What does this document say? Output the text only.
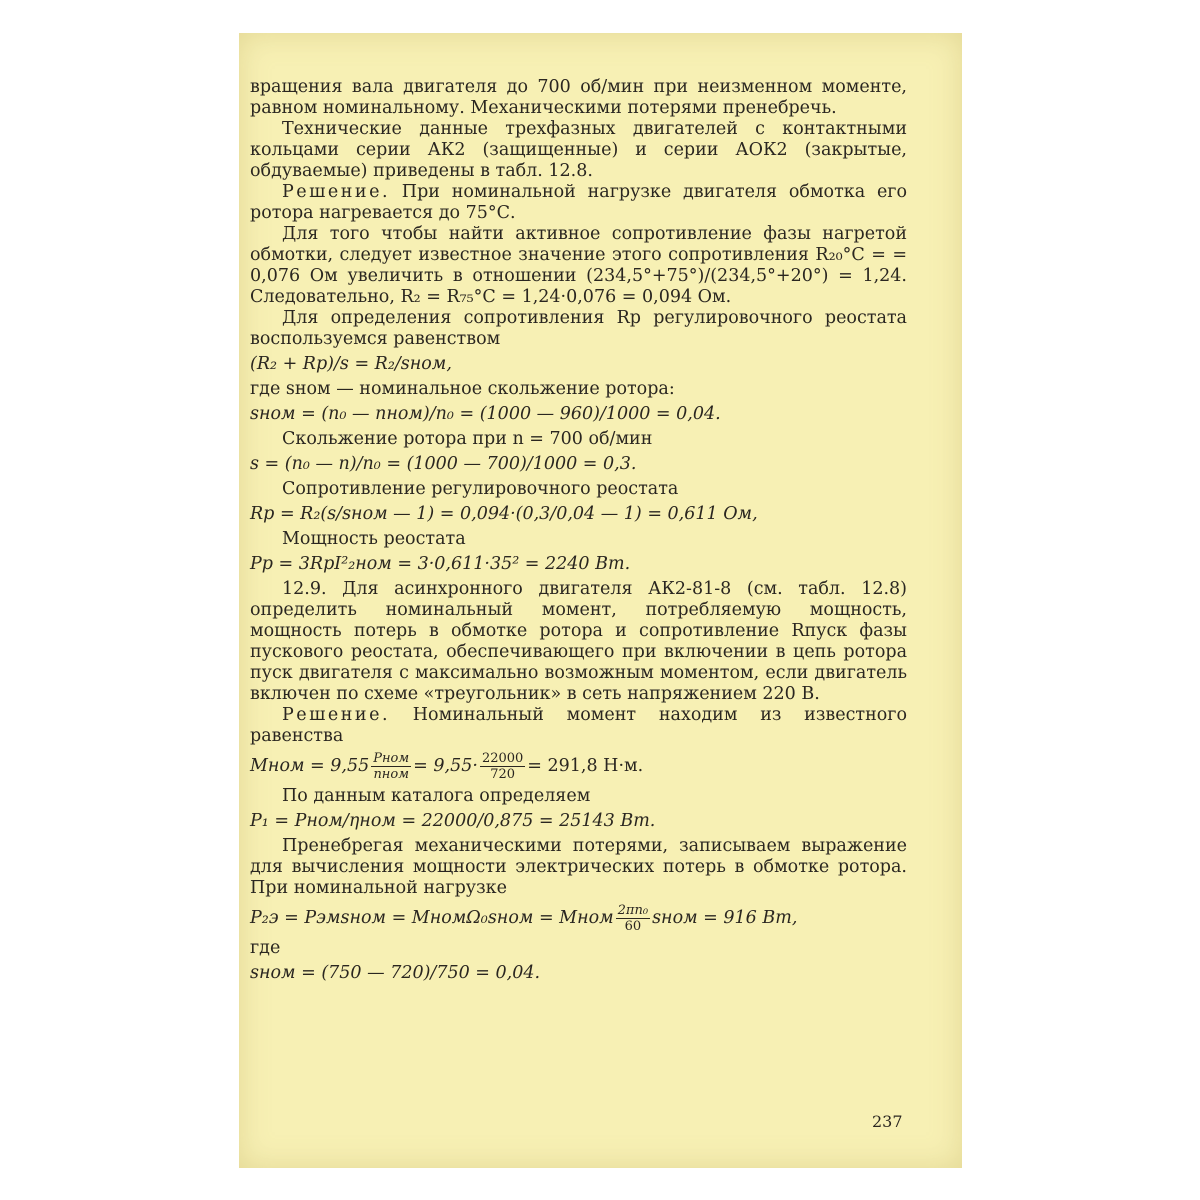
вращения вала двигателя до 700 об/мин при неизменном моменте, равном номинальному. Механическими потерями пренебречь.

Технические данные трехфазных двигателей с контактными кольцами серии АК2 (защищенные) и серии АОК2 (закрытые, обдуваемые) приведены в табл. 12.8.

Решение. При номинальной нагрузке двигателя обмотка его ротора нагревается до 75°С.

Для того чтобы найти активное сопротивление фазы нагретой обмотки, следует известное значение этого сопротивления R₂₀°C = = 0,076 Ом увеличить в отношении (234,5°+75°)/(234,5°+20°) = 1,24. Следовательно, R₂ = R₇₅°C = 1,24·0,076 = 0,094 Ом.

Для определения сопротивления Rр регулировочного реостата воспользуемся равенством

(R₂ + Rр)/s = R₂/sном,

где sном — номинальное скольжение ротора:

sном = (n₀ — nном)/n₀ = (1000 — 960)/1000 = 0,04.

Скольжение ротора при n = 700 об/мин

s = (n₀ — n)/n₀ = (1000 — 700)/1000 = 0,3.

Сопротивление регулировочного реостата

Rр = R₂(s/sном — 1) = 0,094·(0,3/0,04 — 1) = 0,611 Ом,

Мощность реостата

Pр = 3RрI²₂ном = 3·0,611·35² = 2240 Вт.

12.9. Для асинхронного двигателя АК2-81-8 (см. табл. 12.8) определить номинальный момент, потребляемую мощность, мощность потерь в обмотке ротора и сопротивление Rпуск фазы пускового реостата, обеспечивающего при включении в цепь ротора пуск двигателя с максимально возможным моментом, если двигатель включен по схеме «треугольник» в сеть напряжением 220 В.

Решение. Номинальный момент находим из известного равенства

Mном = $9,55 \frac{\text{Pном}}{\text{nном}} = 9,55\cdot \frac{22000}{720} = 291,8$ Н·м.

По данным каталога определяем

P₁ = Pном/ηном = 22000/0,875 = 25143 Вт.

Пренебрегая механическими потерями, записываем выражение для вычисления мощности электрических потерь в обмотке ротора. При номинальной нагрузке

P₂э = Pэмsном = MномΩ₀sном = Mном $\frac{\text{2πn₀}}{60}$ sном = 916 Вт,

где

sном = (750 — 720)/750 = 0,04.

237
